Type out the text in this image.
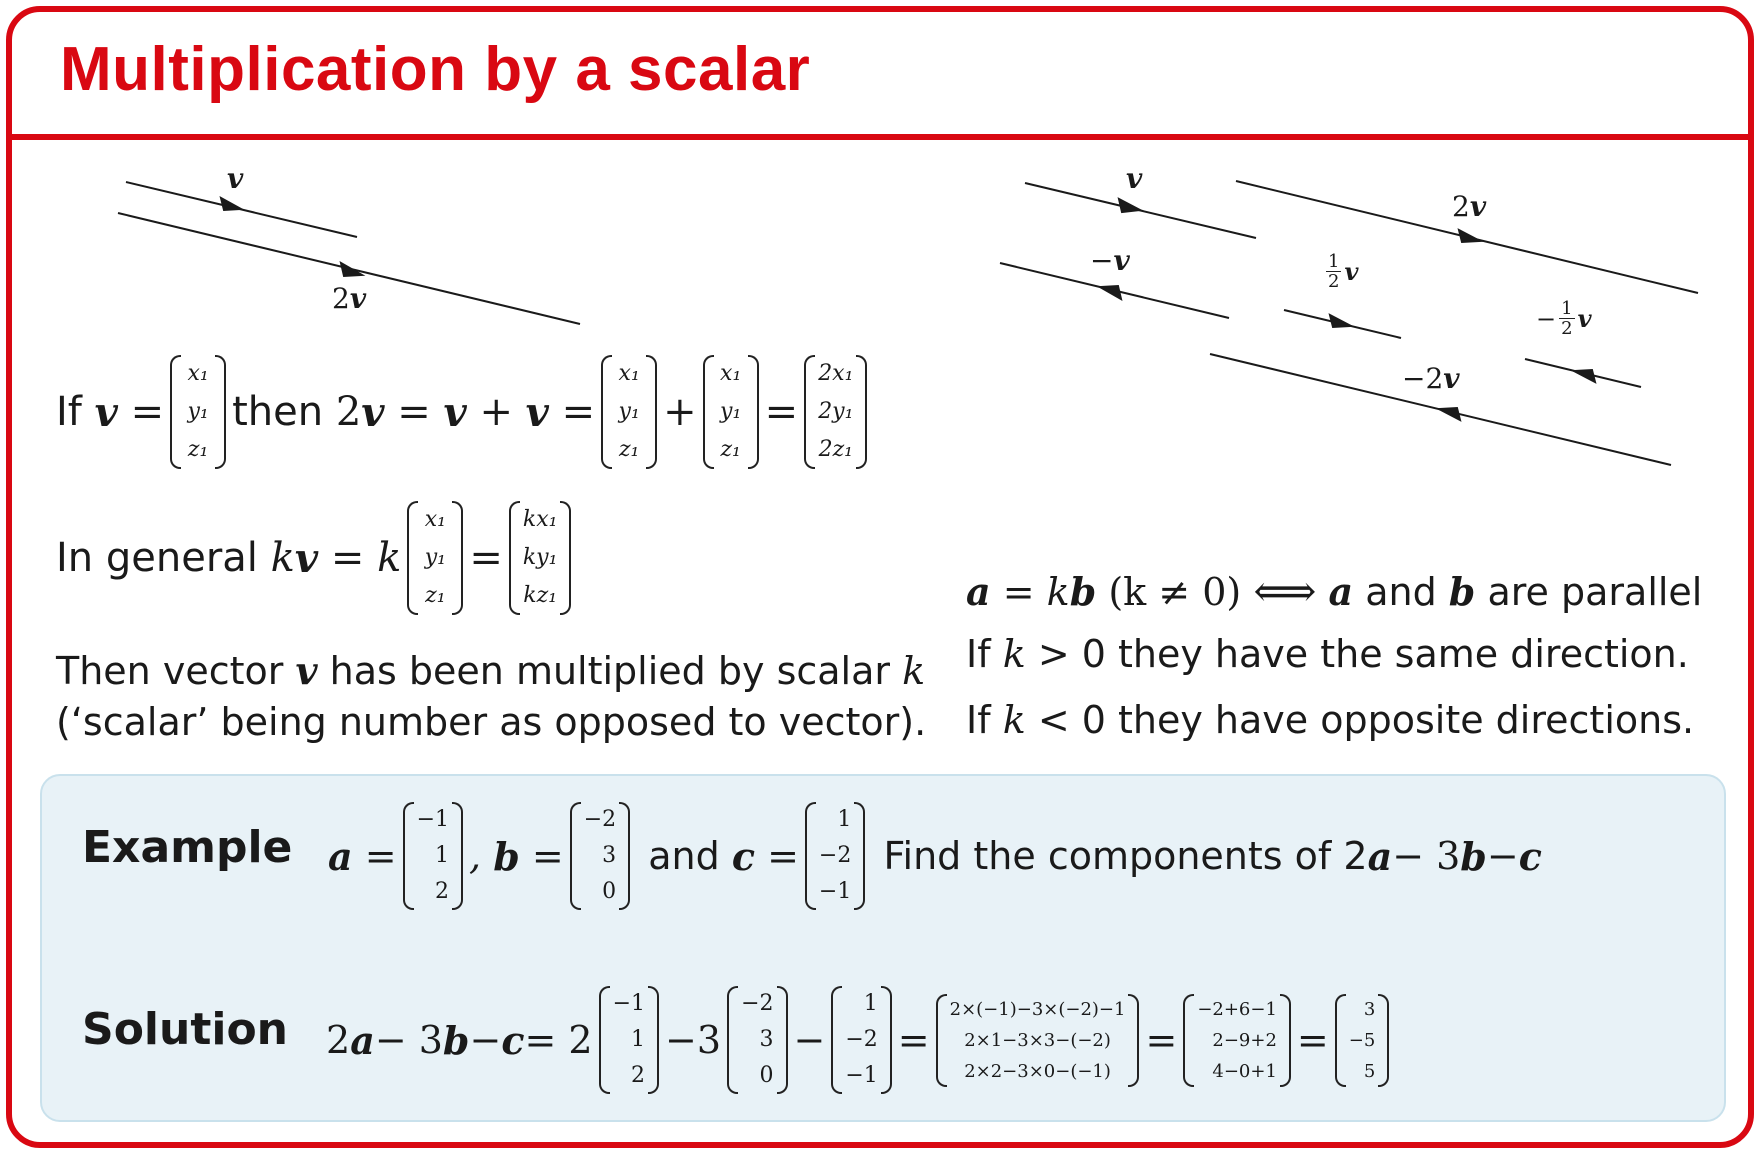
Multiplication by a scalar
v
2 v
v
− v
2 v
$\frac{1}{2}$ v
− $\frac{1}{2}$ v
−2 v
If
v
=
x₁
y₁
z₁
then
2 v
=
v
+
v
=
x₁
y₁
z₁
+
x₁
y₁
z₁
=
2x₁
2y₁
2z₁
In general
k v
=
k
x₁
y₁
z₁
=
kx₁
ky₁
kz₁
Then vector
v
has been multiplied by scalar
k
(‘scalar’ being number as opposed to vector).
a
=
k b
(k ≠ 0)
⟺
a
and
b
are parallel
If
k
> 0 they have the same direction.
If
k
< 0 they have opposite directions.
Example a
=
−1
1
2
,
b
=
−2
3
0

and
c
=
1
−2
−1

Find the components of 2 a − 3 b − c
Solution 2 a − 3 b − c = 2
−1
1
2
−3
−2
3
0
−
1
−2
−1
=
2×(−1)−3×(−2)−1
2×1−3×3−(−2)
2×2−3×0−(−1)
=
−2+6−1
2−9+2
4−0+1
=
3
−5
5
